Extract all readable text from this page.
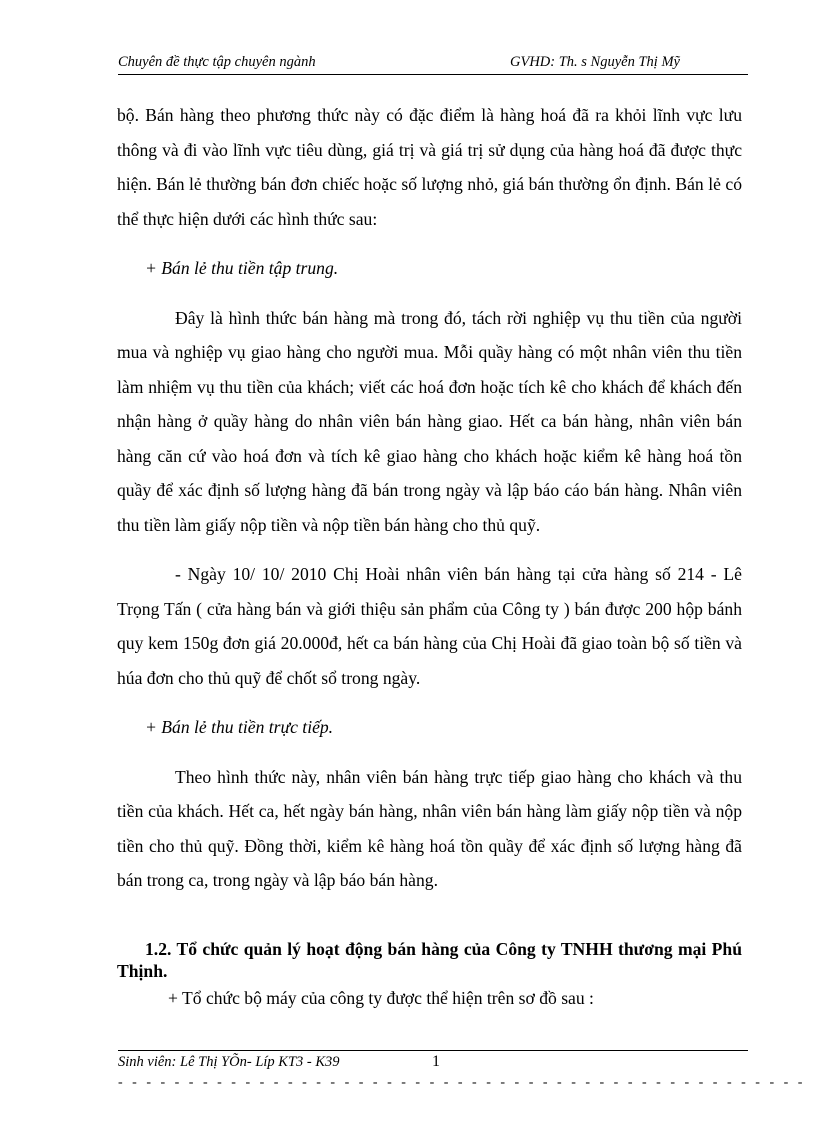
Chuyên đề thực tập chuyên ngành	GVHD: Th. s Nguyễn Thị Mỹ

bộ. Bán hàng theo phương thức này có đặc điểm là hàng hoá đã ra khỏi lĩnh vực lưu thông và đi vào lĩnh vực tiêu dùng, giá trị và giá trị sử dụng của hàng hoá đã được thực hiện. Bán lẻ thường bán đơn chiếc hoặc số lượng nhỏ, giá bán thường ổn định. Bán lẻ có thể thực hiện dưới các hình thức sau:

+ Bán lẻ thu tiền tập trung.

Đây là hình thức bán hàng mà trong đó, tách rời nghiệp vụ thu tiền của người mua và nghiệp vụ giao hàng cho người mua. Mỗi quầy hàng có một nhân viên thu tiền làm nhiệm vụ thu tiền của khách; viết các hoá đơn hoặc tích kê cho khách để khách đến nhận hàng ở quầy hàng do nhân viên bán hàng giao. Hết ca bán hàng, nhân viên bán hàng căn cứ vào hoá đơn và tích kê giao hàng cho khách hoặc kiểm kê hàng hoá tồn quầy để xác định số lượng hàng đã bán trong ngày và lập báo cáo bán hàng. Nhân viên thu tiền làm giấy nộp tiền và nộp tiền bán hàng cho thủ quỹ.

- Ngày 10/ 10/ 2010 Chị Hoài nhân viên bán hàng tại cửa hàng số 214 - Lê Trọng Tấn ( cửa hàng bán và giới thiệu sản phẩm của Công ty ) bán được 200 hộp bánh quy kem 150g đơn giá 20.000đ, hết ca bán hàng của Chị Hoài đã giao toàn bộ số tiền và húa đơn cho thủ quỹ để chốt sổ trong ngày.

+ Bán lẻ thu tiền trực tiếp.

Theo hình thức này, nhân viên bán hàng trực tiếp giao hàng cho khách và thu tiền của khách. Hết ca, hết ngày bán hàng, nhân viên bán hàng làm giấy nộp tiền và nộp tiền cho thủ quỹ. Đồng thời, kiểm kê hàng hoá tồn quầy để xác định số lượng hàng đã bán trong ca, trong ngày và lập báo bán hàng.

1.2. Tổ chức quản lý hoạt động bán hàng của Công ty TNHH thương mại Phú Thịnh.

+ Tổ chức bộ máy của công ty được thể hiện trên sơ đồ sau :

Sinh viên: Lê Thị YÕn- Líp KT3 - K39	1
- - - - - - - - - - - - - - - - - - - - - - - - - - - - - - - - - - - - - - - - - - - - - - - - -
